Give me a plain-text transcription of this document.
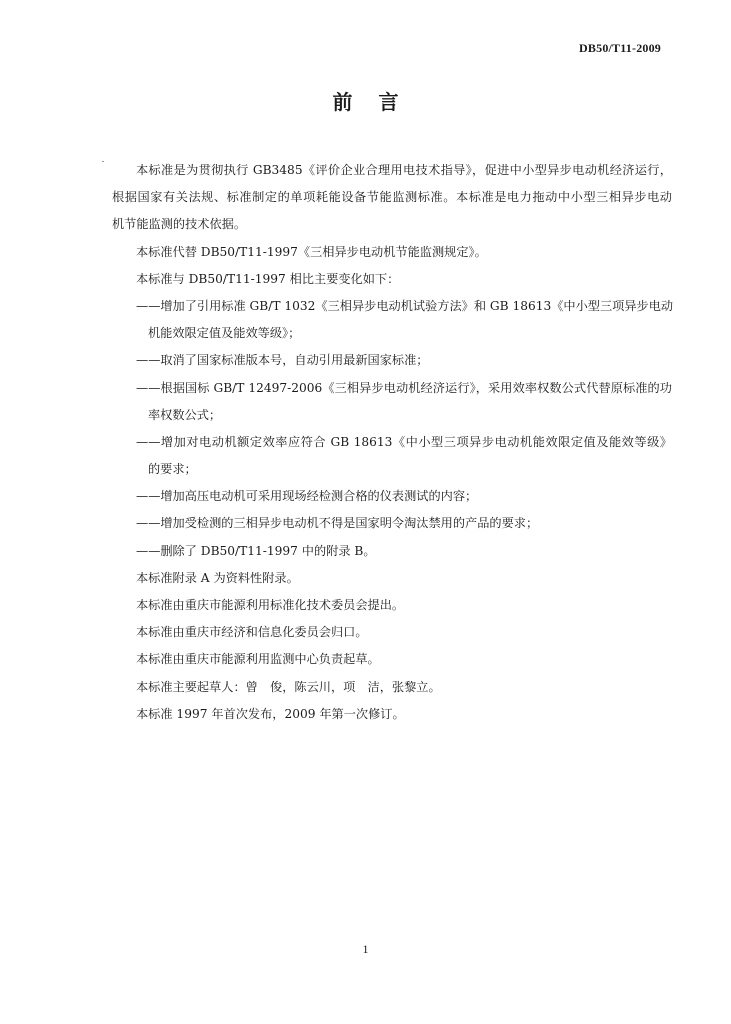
DB50/T11-2009
前言
本标准是为贯彻执行 GB3485《评价企业合理用电技术指导》，促进中小型异步电动机经济运行，
根据国家有关法规、标准制定的单项耗能设备节能监测标准。本标准是电力拖动中小型三相异步电动
机节能监测的技术依据。
本标准代替 DB50/T11-1997《三相异步电动机节能监测规定》。
本标准与 DB50/T11-1997 相比主要变化如下：
——增加了引用标准 GB/T 1032《三相异步电动机试验方法》和 GB 18613《中小型三项异步电动
机能效限定值及能效等级》；
——取消了国家标准版本号，自动引用最新国家标准；
——根据国标 GB/T 12497-2006《三相异步电动机经济运行》，采用效率权数公式代替原标准的功
率权数公式；
——增加对电动机额定效率应符合 GB 18613《中小型三项异步电动机能效限定值及能效等级》
的要求；
——增加高压电动机可采用现场经检测合格的仪表测试的内容；
——增加受检测的三相异步电动机不得是国家明令淘汰禁用的产品的要求；
——删除了 DB50/T11-1997 中的附录 B。
本标准附录 A 为资料性附录。
本标准由重庆市能源利用标准化技术委员会提出。
本标准由重庆市经济和信息化委员会归口。
本标准由重庆市能源利用监测中心负责起草。
本标准主要起草人：曾　俊，陈云川，项　洁，张黎立。
本标准 1997 年首次发布，2009 年第一次修订。
1
